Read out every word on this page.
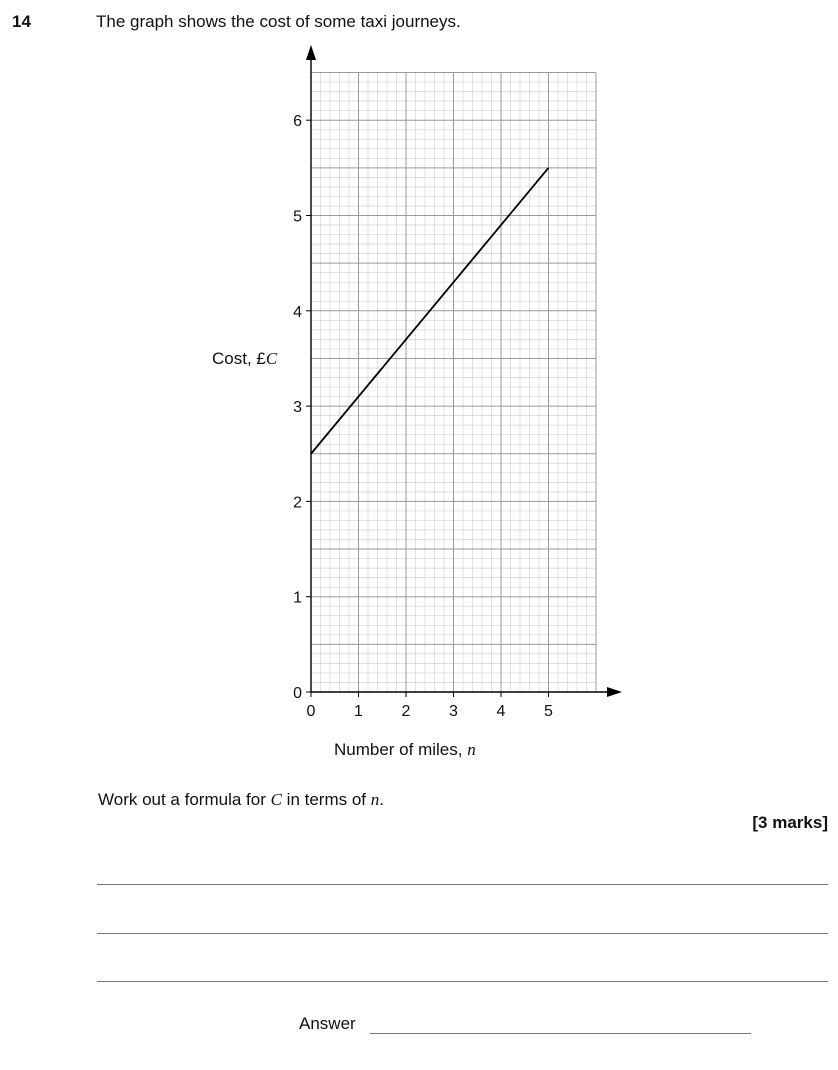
14	The graph shows the cost of some taxi journeys.
0
1
2
3
4
5
6
0 1 2 3 4 5
Cost, £C
Number of miles, n
Work out a formula for C in terms of n.
[3 marks]
Answer
